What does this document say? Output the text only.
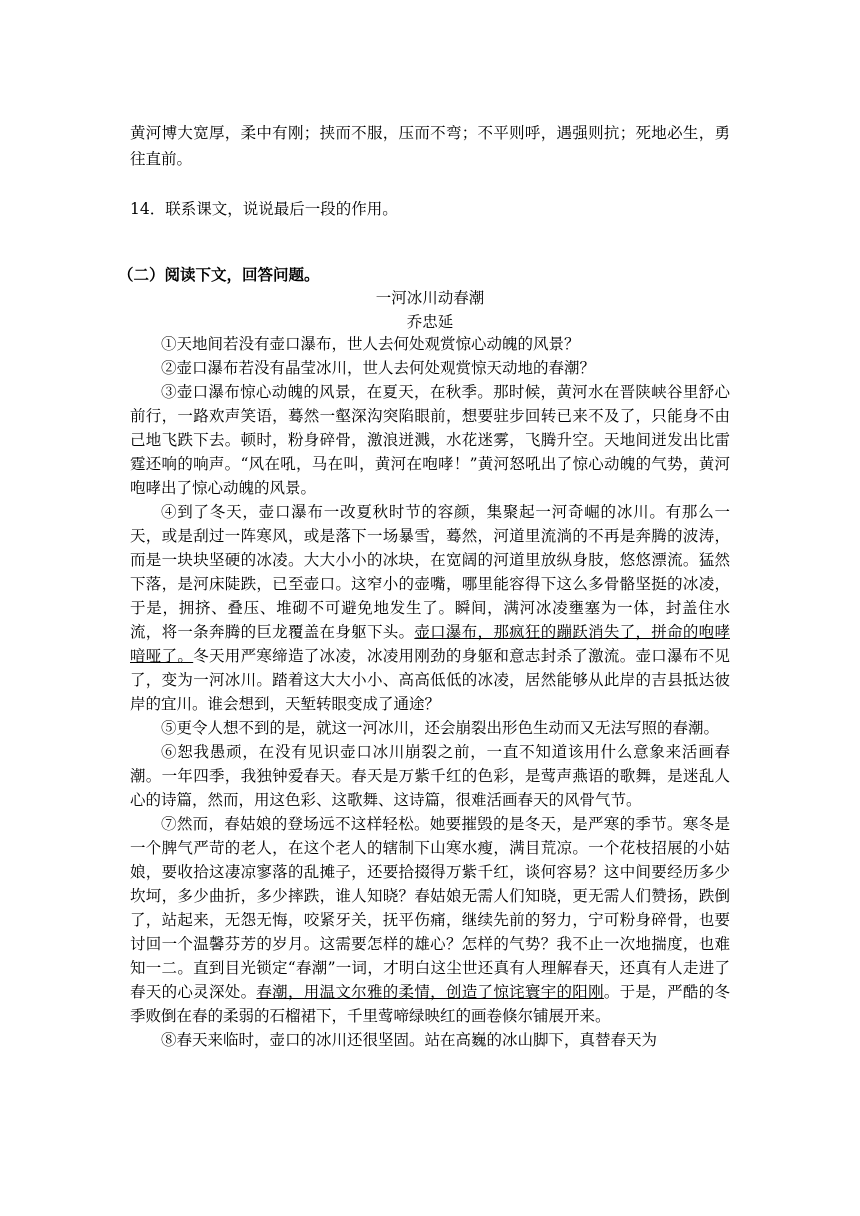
黄河博大宽厚，柔中有刚；挟而不服，压而不弯；不平则呼，遇强则抗；死地必生，勇往直前。

14．联系课文，说说最后一段的作用。
（二）阅读下文，回答问题。
一河冰川动春潮
乔忠延

①天地间若没有壶口瀑布，世人去何处观赏惊心动魄的风景？

②壶口瀑布若没有晶莹冰川，世人去何处观赏惊天动地的春潮？

③壶口瀑布惊心动魄的风景，在夏天，在秋季。那时候，黄河水在晋陕峡谷里舒心前行，一路欢声笑语，蓦然一壑深沟突陷眼前，想要驻步回转已来不及了，只能身不由己地飞跌下去。顿时，粉身碎骨，激浪迸溅，水花迷雾，飞腾升空。天地间迸发出比雷霆还响的响声。“风在吼，马在叫，黄河在咆哮！”黄河怒吼出了惊心动魄的气势，黄河咆哮出了惊心动魄的风景。

④到了冬天，壶口瀑布一改夏秋时节的容颜，集聚起一河奇崛的冰川。有那么一天，或是刮过一阵寒风，或是落下一场暴雪，蓦然，河道里流淌的不再是奔腾的波涛，而是一块块坚硬的冰凌。大大小小的冰块，在宽阔的河道里放纵身肢，悠悠漂流。猛然下落，是河床陡跌，已至壶口。这窄小的壶嘴，哪里能容得下这么多骨骼坚挺的冰凌，于是，拥挤、叠压、堆砌不可避免地发生了。瞬间，满河冰凌壅塞为一体，封盖住水流，将一条奔腾的巨龙覆盖在身躯下头。壶口瀑布，那疯狂的蹦跃消失了，拼命的咆哮喑哑了。冬天用严寒缔造了冰凌，冰凌用刚劲的身躯和意志封杀了激流。壶口瀑布不见了，变为一河冰川。踏着这大大小小、高高低低的冰凌，居然能够从此岸的吉县抵达彼岸的宜川。谁会想到，天堑转眼变成了通途？

⑤更令人想不到的是，就这一河冰川，还会崩裂出形色生动而又无法写照的春潮。

⑥恕我愚顽，在没有见识壶口冰川崩裂之前，一直不知道该用什么意象来活画春潮。一年四季，我独钟爱春天。春天是万紫千红的色彩，是莺声燕语的歌舞，是迷乱人心的诗篇，然而，用这色彩、这歌舞、这诗篇，很难活画春天的风骨气节。

⑦然而，春姑娘的登场远不这样轻松。她要摧毁的是冬天，是严寒的季节。寒冬是一个脾气严苛的老人，在这个老人的辖制下山寒水瘦，满目荒凉。一个花枝招展的小姑娘，要收拾这凄凉寥落的乱摊子，还要拾掇得万紫千红，谈何容易？这中间要经历多少坎坷，多少曲折，多少摔跌，谁人知晓？春姑娘无需人们知晓，更无需人们赞扬，跌倒了，站起来，无怨无悔，咬紧牙关，抚平伤痛，继续先前的努力，宁可粉身碎骨，也要讨回一个温馨芬芳的岁月。这需要怎样的雄心？怎样的气势？我不止一次地揣度，也难知一二。直到目光锁定“春潮”一词，才明白这尘世还真有人理解春天，还真有人走进了春天的心灵深处。春潮，用温文尔雅的柔情，创造了惊诧寰宇的阳刚。于是，严酷的冬季败倒在春的柔弱的石榴裙下，千里莺啼绿映红的画卷倏尔铺展开来。

⑧春天来临时，壶口的冰川还很坚固。站在高巍的冰山脚下，真替春天为
